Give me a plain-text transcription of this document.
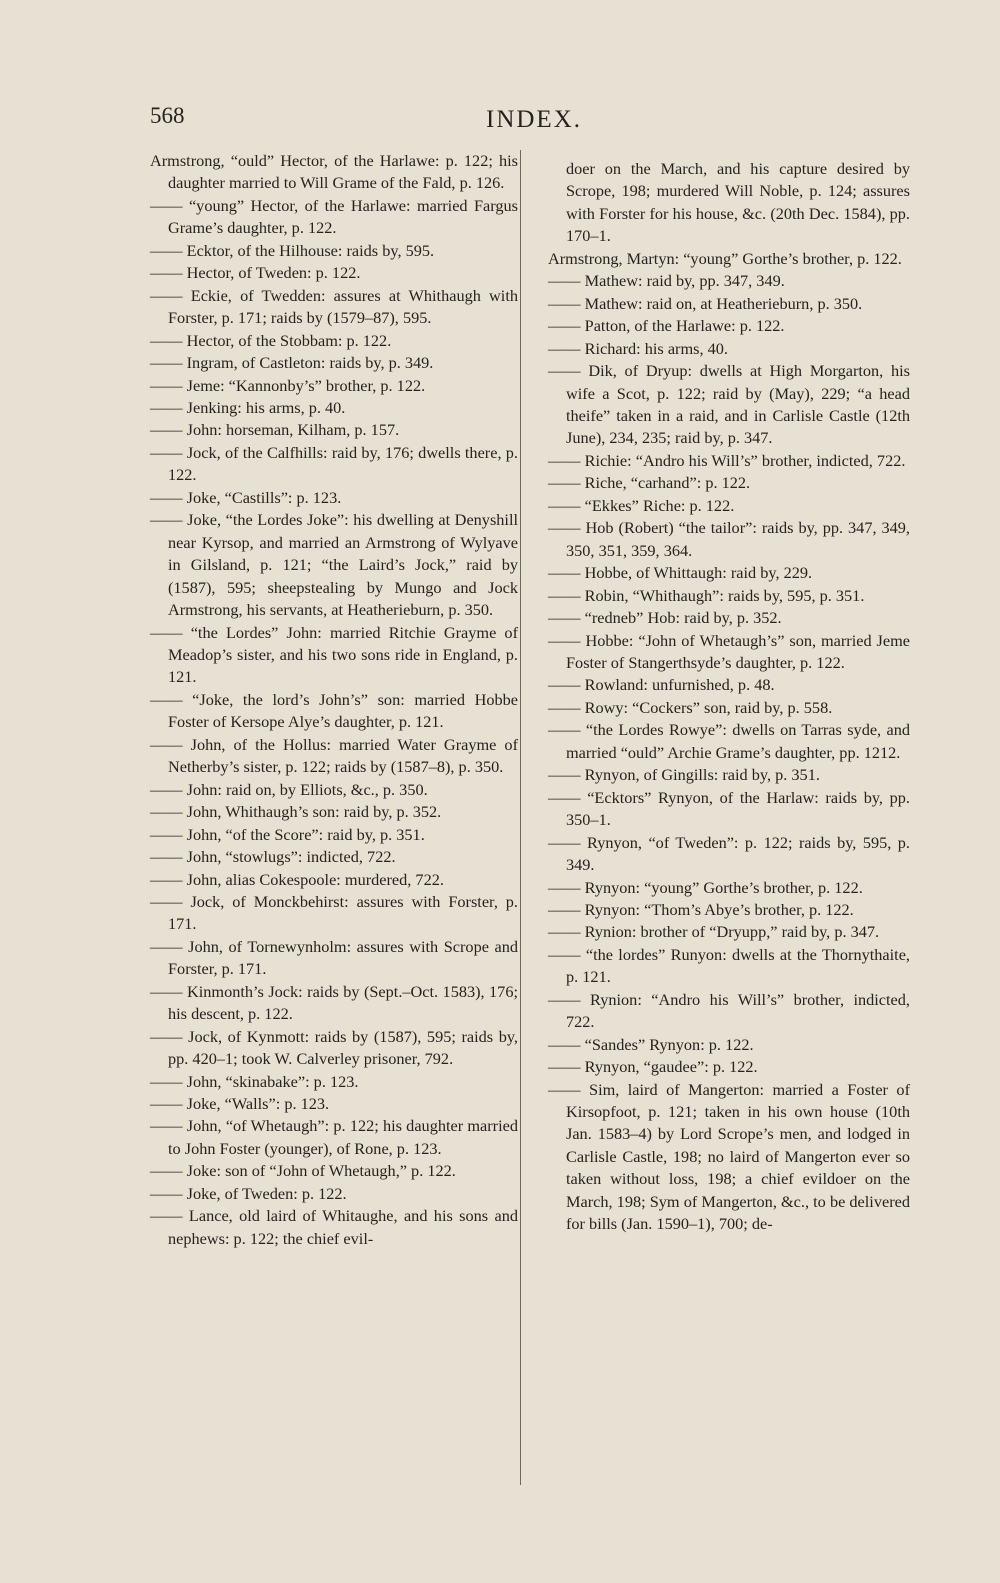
568	INDEX.

Armstrong, “ould” Hector, of the Harlawe: p. 122; his daughter married to Will Grame of the Fald, p. 126.

—— “young” Hector, of the Harlawe: married Fargus Grame’s daughter, p. 122.

—— Ecktor, of the Hilhouse: raids by, 595.

—— Hector, of Tweden: p. 122.

—— Eckie, of Twedden: assures at Whithaugh with Forster, p. 171; raids by (1579–87), 595.

—— Hector, of the Stobbam: p. 122.

—— Ingram, of Castleton: raids by, p. 349.

—— Jeme: “Kannonby’s” brother, p. 122.

—— Jenking: his arms, p. 40.

—— John: horseman, Kilham, p. 157.

—— Jock, of the Calfhills: raid by, 176; dwells there, p. 122.

—— Joke, “Castills”: p. 123.

—— Joke, “the Lordes Joke”: his dwelling at Denyshill near Kyrsop, and married an Armstrong of Wylyave in Gilsland, p. 121; “the Laird’s Jock,” raid by (1587), 595; sheepstealing by Mungo and Jock Armstrong, his servants, at Heatherieburn, p. 350.

—— “the Lordes” John: married Ritchie Grayme of Meadop’s sister, and his two sons ride in England, p. 121.

—— “Joke, the lord’s John’s” son: married Hobbe Foster of Kersope Alye’s daughter, p. 121.

—— John, of the Hollus: married Water Grayme of Netherby’s sister, p. 122; raids by (1587–8), p. 350.

—— John: raid on, by Elliots, &c., p. 350.

—— John, Whithaugh’s son: raid by, p. 352.

—— John, “of the Score”: raid by, p. 351.

—— John, “stowlugs”: indicted, 722.

—— John, alias Cokespoole: murdered, 722.

—— Jock, of Monckbehirst: assures with Forster, p. 171.

—— John, of Tornewynholm: assures with Scrope and Forster, p. 171.

—— Kinmonth’s Jock: raids by (Sept.–Oct. 1583), 176; his descent, p. 122.

—— Jock, of Kynmott: raids by (1587), 595; raids by, pp. 420–1; took W. Calverley prisoner, 792.

—— John, “skinabake”: p. 123.

—— Joke, “Walls”: p. 123.

—— John, “of Whetaugh”: p. 122; his daughter married to John Foster (younger), of Rone, p. 123.

—— Joke: son of “John of Whetaugh,” p. 122.

—— Joke, of Tweden: p. 122.

—— Lance, old laird of Whitaughe, and his sons and nephews: p. 122; the chief evil-

doer on the March, and his capture desired by Scrope, 198; murdered Will Noble, p. 124; assures with Forster for his house, &c. (20th Dec. 1584), pp. 170–1.

Armstrong, Martyn: “young” Gorthe’s brother, p. 122.

—— Mathew: raid by, pp. 347, 349.

—— Mathew: raid on, at Heatherieburn, p. 350.

—— Patton, of the Harlawe: p. 122.

—— Richard: his arms, 40.

—— Dik, of Dryup: dwells at High Morgarton, his wife a Scot, p. 122; raid by (May), 229; “a head theife” taken in a raid, and in Carlisle Castle (12th June), 234, 235; raid by, p. 347.

—— Richie: “Andro his Will’s” brother, indicted, 722.

—— Riche, “carhand”: p. 122.

—— “Ekkes” Riche: p. 122.

—— Hob (Robert) “the tailor”: raids by, pp. 347, 349, 350, 351, 359, 364.

—— Hobbe, of Whittaugh: raid by, 229.

—— Robin, “Whithaugh”: raids by, 595, p. 351.

—— “redneb” Hob: raid by, p. 352.

—— Hobbe: “John of Whetaugh’s” son, married Jeme Foster of Stangerthsyde’s daughter, p. 122.

—— Rowland: unfurnished, p. 48.

—— Rowy: “Cockers” son, raid by, p. 558.

—— “the Lordes Rowye”: dwells on Tarras syde, and married “ould” Archie Grame’s daughter, pp. 1212.

—— Rynyon, of Gingills: raid by, p. 351.

—— “Ecktors” Rynyon, of the Harlaw: raids by, pp. 350–1.

—— Rynyon, “of Tweden”: p. 122; raids by, 595, p. 349.

—— Rynyon: “young” Gorthe’s brother, p. 122.

—— Rynyon: “Thom’s Abye’s brother, p. 122.

—— Rynion: brother of “Dryupp,” raid by, p. 347.

—— “the lordes” Runyon: dwells at the Thornythaite, p. 121.

—— Rynion: “Andro his Will’s” brother, indicted, 722.

—— “Sandes” Rynyon: p. 122.

—— Rynyon, “gaudee”: p. 122.

—— Sim, laird of Mangerton: married a Foster of Kirsopfoot, p. 121; taken in his own house (10th Jan. 1583–4) by Lord Scrope’s men, and lodged in Carlisle Castle, 198; no laird of Mangerton ever so taken without loss, 198; a chief evildoer on the March, 198; Sym of Mangerton, &c., to be delivered for bills (Jan. 1590–1), 700; de-
